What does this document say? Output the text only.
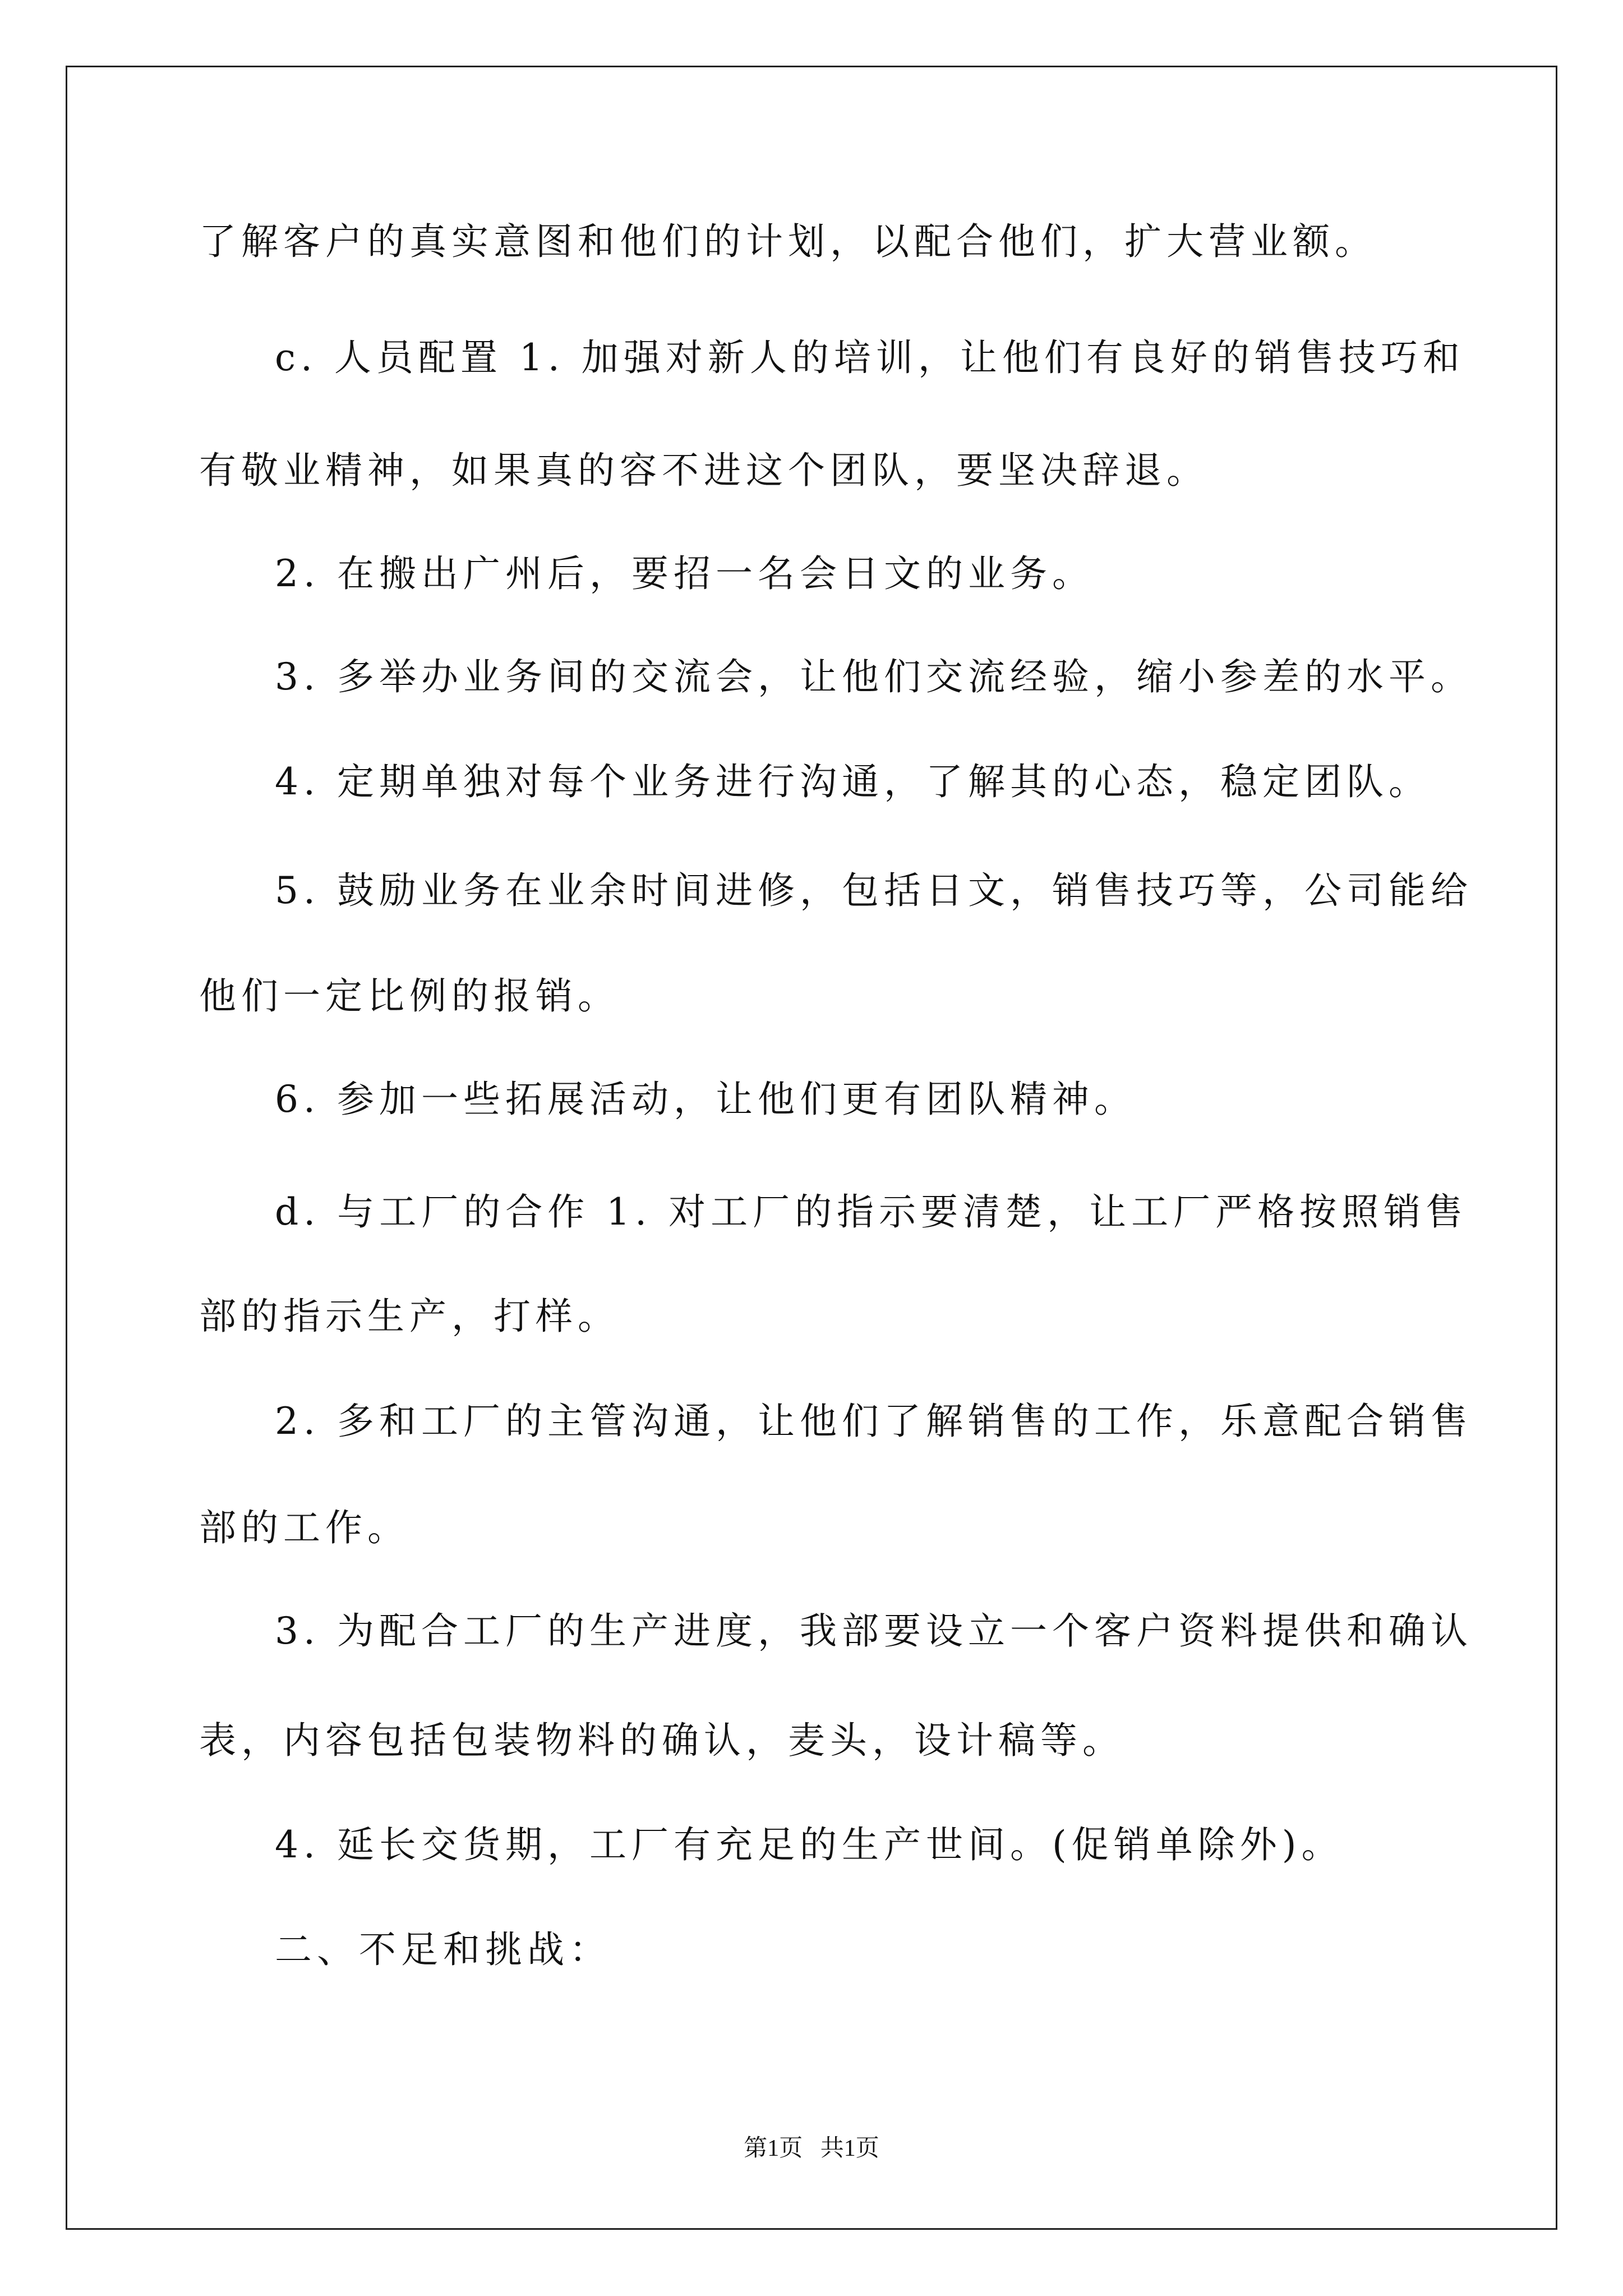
了解客户的真实意图和他们的计划，以配合他们，扩大营业额。
c. 人员配置 1. 加强对新人的培训，让他们有良好的销售技巧和
有敬业精神，如果真的容不进这个团队，要坚决辞退。
2. 在搬出广州后，要招一名会日文的业务。
3. 多举办业务间的交流会，让他们交流经验，缩小参差的水平。
4. 定期单独对每个业务进行沟通，了解其的心态，稳定团队。
5. 鼓励业务在业余时间进修，包括日文，销售技巧等，公司能给
他们一定比例的报销。
6. 参加一些拓展活动，让他们更有团队精神。
d. 与工厂的合作 1. 对工厂的指示要清楚，让工厂严格按照销售
部的指示生产，打样。
2. 多和工厂的主管沟通，让他们了解销售的工作，乐意配合销售
部的工作。
3. 为配合工厂的生产进度，我部要设立一个客户资料提供和确认
表，内容包括包装物料的确认，麦头，设计稿等。
4. 延长交货期，工厂有充足的生产世间。(促销单除外)。
二、不足和挑战：
第1页   共1页
